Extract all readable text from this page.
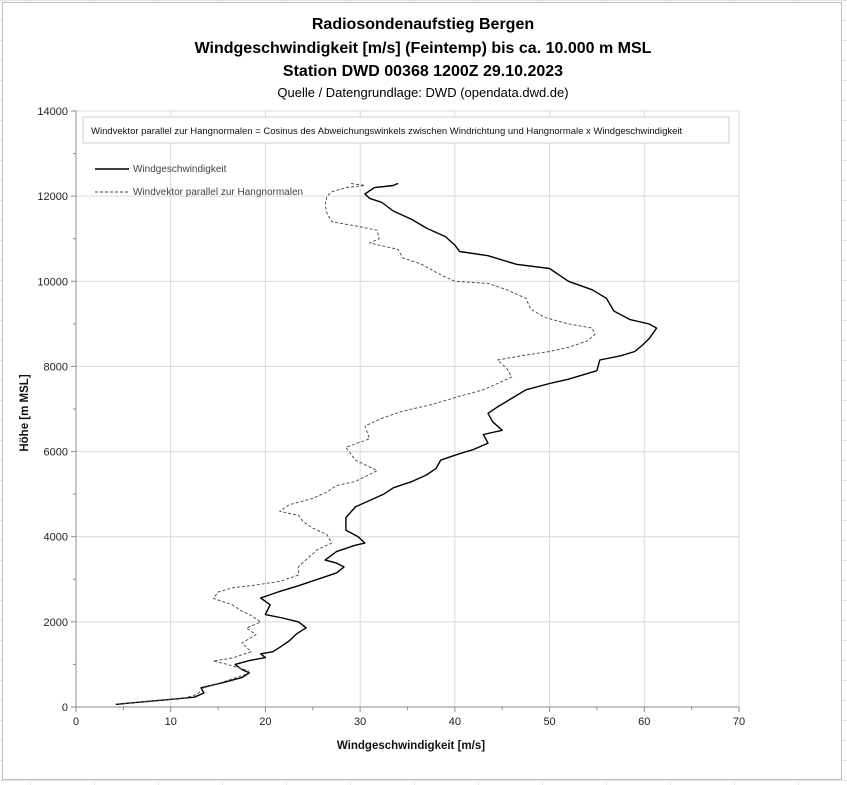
Radiosondenaufstieg Bergen
Windgeschwindigkeit [m/s] (Feintemp) bis ca. 10.000 m MSL
Station DWD 00368 1200Z 29.10.2023
Quelle / Datengrundlage: DWD (opendata.dwd.de)
0	10	20	30	40	50	60	70
0
2000
4000
6000
8000
10000
12000
14000
Windvektor parallel zur Hangnormalen = Cosinus des Abweichungswinkels zwischen Windrichtung und Hangnormale x Windgeschwindigkeit
Windgeschwindigkeit
Windvektor parallel zur Hangnormalen
Windgeschwindigkeit [m/s]
Höhe [m MSL]
